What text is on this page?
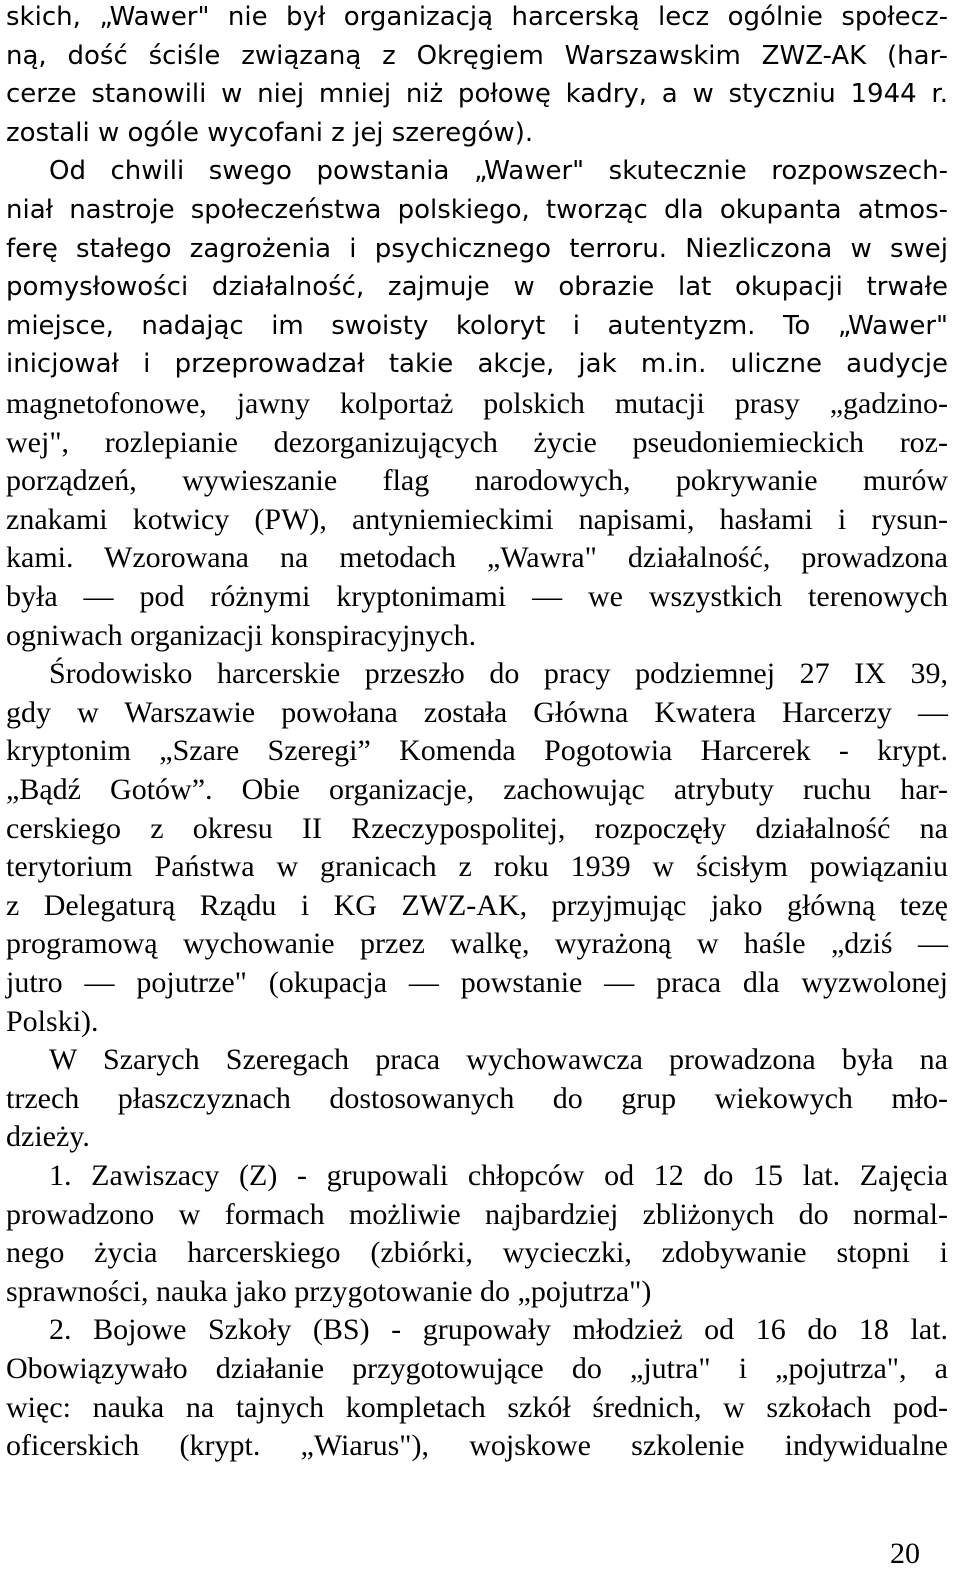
skich, „Wawer" nie był organizacją harcerską lecz ogólnie społecz-
ną, dość ściśle związaną z Okręgiem Warszawskim ZWZ-AK (har-
cerze stanowili w niej mniej niż połowę kadry, a w styczniu 1944 r.
zostali w ogóle wycofani z jej szeregów).
Od chwili swego powstania „Wawer" skutecznie rozpowszech-
niał nastroje społeczeństwa polskiego, tworząc dla okupanta atmos-
ferę stałego zagrożenia i psychicznego terroru. Niezliczona w swej
pomysłowości działalność, zajmuje w obrazie lat okupacji trwałe
miejsce, nadając im swoisty koloryt i autentyzm. To „Wawer"
inicjował i przeprowadzał takie akcje, jak m.in. uliczne audycje
magnetofonowe, jawny kolportaż polskich mutacji prasy „gadzino-
wej", rozlepianie dezorganizujących życie pseudoniemieckich roz-
porządzeń, wywieszanie flag narodowych, pokrywanie murów
znakami kotwicy (PW), antyniemieckimi napisami, hasłami i rysun-
kami. Wzorowana na metodach „Wawra" działalność, prowadzona
była — pod różnymi kryptonimami — we wszystkich terenowych
ogniwach organizacji konspiracyjnych.
Środowisko harcerskie przeszło do pracy podziemnej 27 IX 39,
gdy w Warszawie powołana została Główna Kwatera Harcerzy —
kryptonim „Szare Szeregi” Komenda Pogotowia Harcerek - krypt.
„Bądź Gotów”. Obie organizacje, zachowując atrybuty ruchu har-
cerskiego z okresu II Rzeczypospolitej, rozpoczęły działalność na
terytorium Państwa w granicach z roku 1939 w ścisłym powiązaniu
z Delegaturą Rządu i KG ZWZ-AK, przyjmując jako główną tezę
programową wychowanie przez walkę, wyrażoną w haśle „dziś —
jutro — pojutrze" (okupacja — powstanie — praca dla wyzwolonej
Polski).
W Szarych Szeregach praca wychowawcza prowadzona była na
trzech płaszczyznach dostosowanych do grup wiekowych mło-
dzieży.
1. Zawiszacy (Z) - grupowali chłopców od 12 do 15 lat. Zajęcia
prowadzono w formach możliwie najbardziej zbliżonych do normal-
nego życia harcerskiego (zbiórki, wycieczki, zdobywanie stopni i
sprawności, nauka jako przygotowanie do „pojutrza")
2. Bojowe Szkoły (BS) - grupowały młodzież od 16 do 18 lat.
Obowiązywało działanie przygotowujące do „jutra" i „pojutrza", a
więc: nauka na tajnych kompletach szkół średnich, w szkołach pod-
oficerskich (krypt. „Wiarus"), wojskowe szkolenie indywidualne
20
